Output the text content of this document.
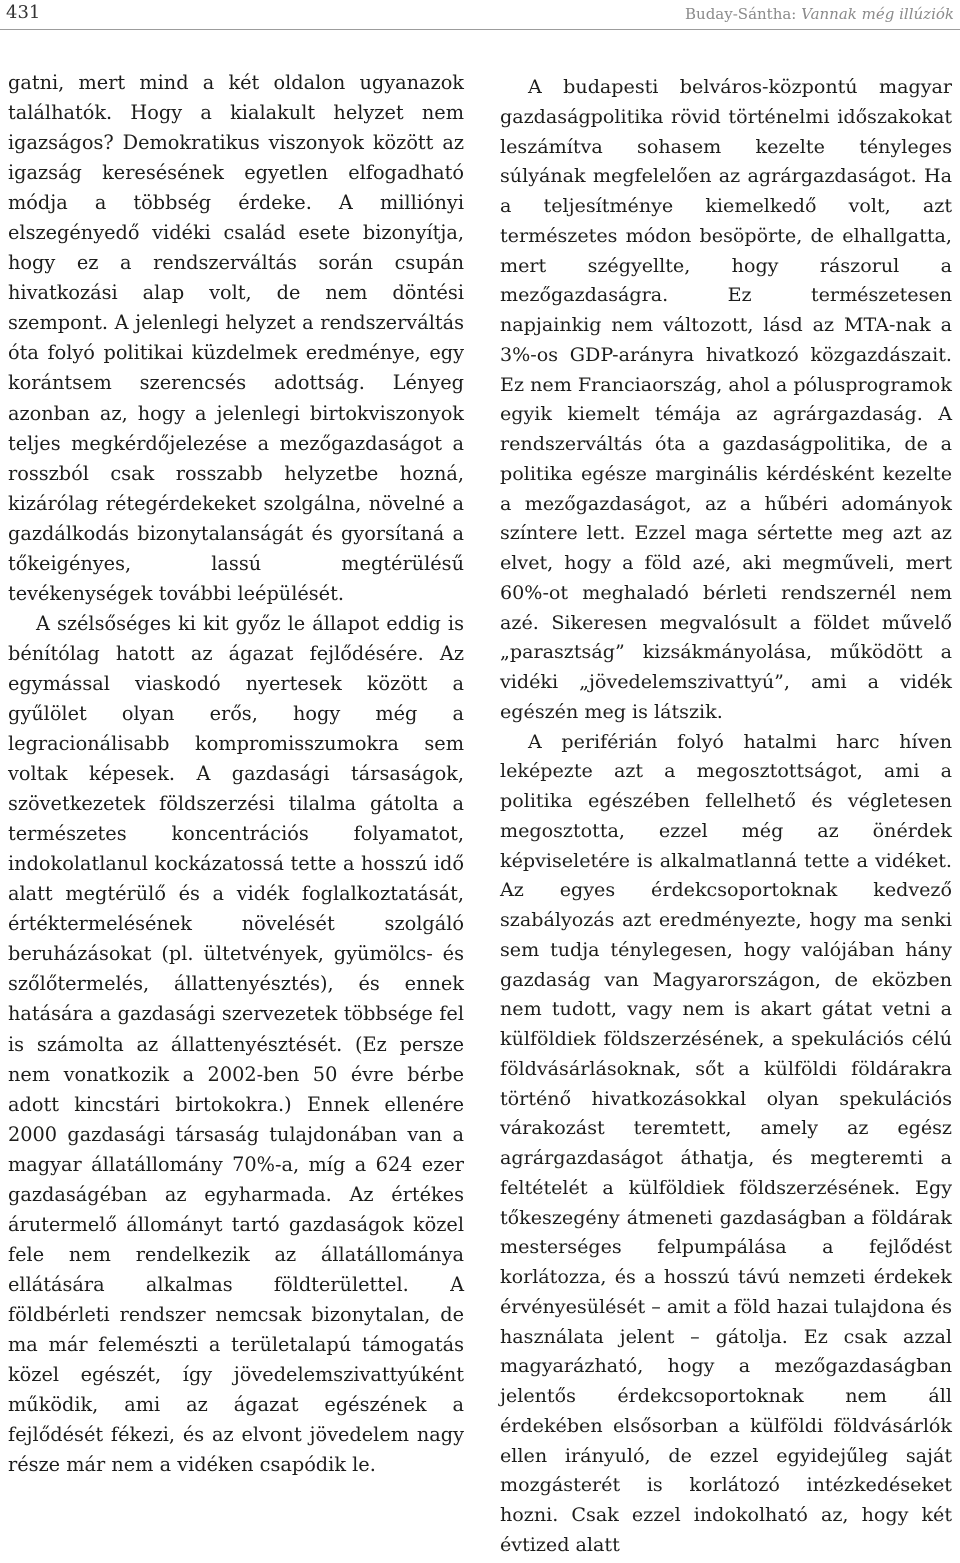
431	Buday-Sántha: Vannak még illúziók

gatni, mert mind a két oldalon ugyanazok találhatók. Hogy a kialakult helyzet nem igazságos? Demokratikus viszonyok között az igazság keresésének egyetlen elfogadható módja a többség érdeke. A milliónyi elszegényedő vidéki család esete bizonyítja, hogy ez a rendszerváltás során csupán hivatkozási alap volt, de nem döntési szempont. A jelenlegi helyzet a rendszerváltás óta folyó politikai küzdelmek eredménye, egy korántsem szerencsés adottság. Lényeg azonban az, hogy a jelenlegi birtokviszonyok teljes megkérdőjelezése a mezőgazdaságot a rosszból csak rosszabb helyzetbe hozná, kizárólag rétegérdekeket szolgálna, növelné a gazdálkodás bizonytalanságát és gyorsítaná a tőkeigényes, lassú megtérülésű tevékenységek további leépülését.

A szélsőséges ki kit győz le állapot eddig is bénítólag hatott az ágazat fejlődésére. Az egymással viaskodó nyertesek között a gyűlölet olyan erős, hogy még a legracionálisabb kompromisszumokra sem voltak képesek. A gazdasági társaságok, szövetkezetek földszerzési tilalma gátolta a természetes koncentrációs folyamatot, indokolatlanul kockázatossá tette a hosszú idő alatt megtérülő és a vidék foglalkoztatását, értéktermelésének növelését szolgáló beruházásokat (pl. ültetvények, gyümölcs- és szőlőtermelés, állattenyésztés), és ennek hatására a gazdasági szervezetek többsége fel is számolta az állattenyésztését. (Ez persze nem vonatkozik a 2002-ben 50 évre bérbe adott kincstári birtokokra.) Ennek ellenére 2000 gazdasági társaság tulajdonában van a magyar állatállomány 70%-a, míg a 624 ezer gazdaságéban az egyharmada. Az értékes árutermelő állományt tartó gazdaságok közel fele nem rendelkezik az állatállománya ellátására alkalmas földterülettel. A földbérleti rendszer nemcsak bizonytalan, de ma már felemészti a területalapú támogatás közel egészét, így jövedelemszivattyúként működik, ami az ágazat egészének a fejlődését fékezi, és az elvont jövedelem nagy része már nem a vidéken csapódik le.

A budapesti belváros-központú magyar gazdaságpolitika rövid történelmi időszakokat leszámítva sohasem kezelte tényleges súlyának megfelelően az agrárgazdaságot. Ha a teljesítménye kiemelkedő volt, azt természetes módon besöpörte, de elhallgatta, mert szégyellte, hogy rászorul a mezőgazdaságra. Ez természetesen napjainkig nem változott, lásd az MTA-nak a 3%-os GDP-arányra hivatkozó közgazdászait. Ez nem Franciaország, ahol a pólusprogramok egyik kiemelt témája az agrárgazdaság. A rendszerváltás óta a gazdaságpolitika, de a politika egésze marginális kérdésként kezelte a mezőgazdaságot, az a hűbéri adományok színtere lett. Ezzel maga sértette meg azt az elvet, hogy a föld azé, aki megműveli, mert 60%-ot meghaladó bérleti rendszernél nem azé. Sikeresen megvalósult a földet művelő „parasztság” kizsákmányolása, működött a vidéki „jövedelemszivattyú”, ami a vidék egészén meg is látszik.

A periférián folyó hatalmi harc híven leképezte azt a megosztottságot, ami a politika egészében fellelhető és végletesen megosztotta, ezzel még az önérdek képviseletére is alkalmatlanná tette a vidéket. Az egyes érdekcsoportoknak kedvező szabályozás azt eredményezte, hogy ma senki sem tudja ténylegesen, hogy valójában hány gazdaság van Magyarországon, de eközben nem tudott, vagy nem is akart gátat vetni a külföldiek földszerzésének, a spekulációs célú földvásárlásoknak, sőt a külföldi földárakra történő hivatkozásokkal olyan spekulációs várakozást teremtett, amely az egész agrárgazdaságot áthatja, és megteremti a feltételét a külföldiek földszerzésének. Egy tőkeszegény átmeneti gazdaságban a földárak mesterséges felpumpálása a fejlődést korlátozza, és a hosszú távú nemzeti érdekek érvényesülését – amit a föld hazai tulajdona és használata jelent – gátolja. Ez csak azzal magyarázható, hogy a mezőgazdaságban jelentős érdekcsoportoknak nem áll érdekében elsősorban a külföldi földvásárlók ellen irányuló, de ezzel egyidejűleg saját mozgásterét is korlátozó intézkedéseket hozni. Csak ezzel indokolható az, hogy két évtized alatt
